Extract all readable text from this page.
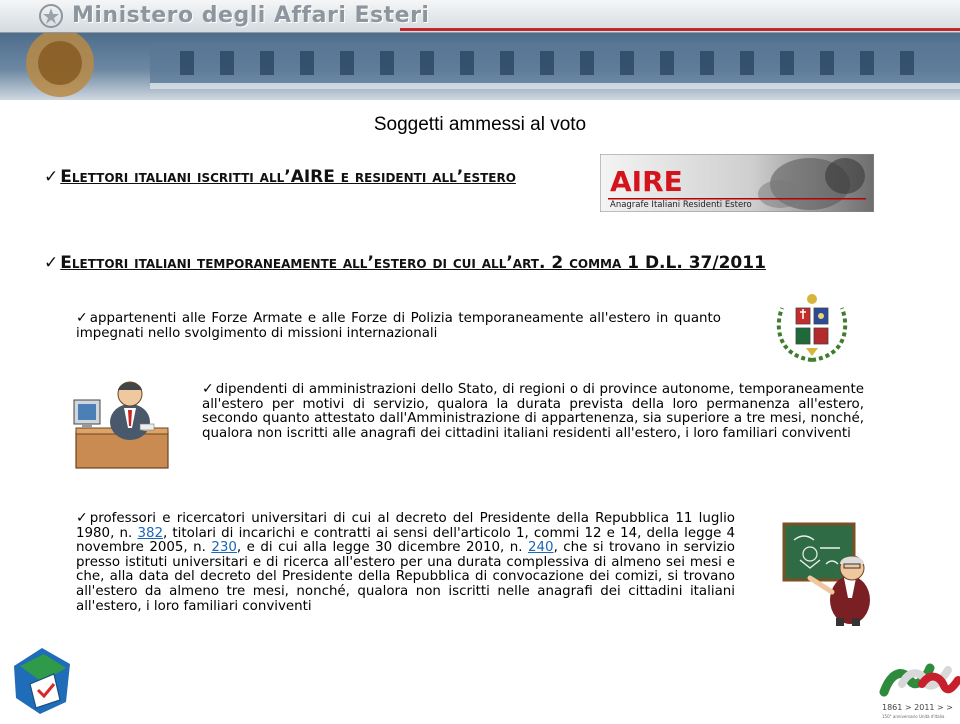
Ministero degli Affari Esteri
Soggetti ammessi al voto
✓ Elettori italiani iscritti all’AIRE e residenti all’estero	AIRE
Anagrafe Italiani Residenti Estero
✓ Elettori italiani temporaneamente all’estero di cui all’art. 2 comma 1 D.L. 37/2011
✓ appartenenti alle Forze Armate e alle Forze di Polizia temporaneamente all'estero in quanto impegnati nello svolgimento di missioni internazionali
✓ dipendenti di amministrazioni dello Stato, di regioni o di province autonome, temporaneamente all'estero per motivi di servizio, qualora la durata prevista della loro permanenza all'estero, secondo quanto attestato dall'Amministrazione di appartenenza, sia superiore a tre mesi, nonché, qualora non iscritti alle anagrafi dei cittadini italiani residenti all'estero, i loro familiari conviventi
✓ professori e ricercatori universitari di cui al decreto del Presidente della Repubblica 11 luglio 1980, n. 382, titolari di incarichi e contratti ai sensi dell'articolo 1, commi 12 e 14, della legge 4 novembre 2005, n. 230, e di cui alla legge 30 dicembre 2010, n. 240, che si trovano in servizio presso istituti universitari e di ricerca all'estero per una durata complessiva di almeno sei mesi e che, alla data del decreto del Presidente della Repubblica di convocazione dei comizi, si trovano all'estero da almeno tre mesi, nonché, qualora non iscritti nelle anagrafi dei cittadini italiani all'estero, i loro familiari conviventi
1861 > 2011 > >
150° anniversario Unità d'Italia
